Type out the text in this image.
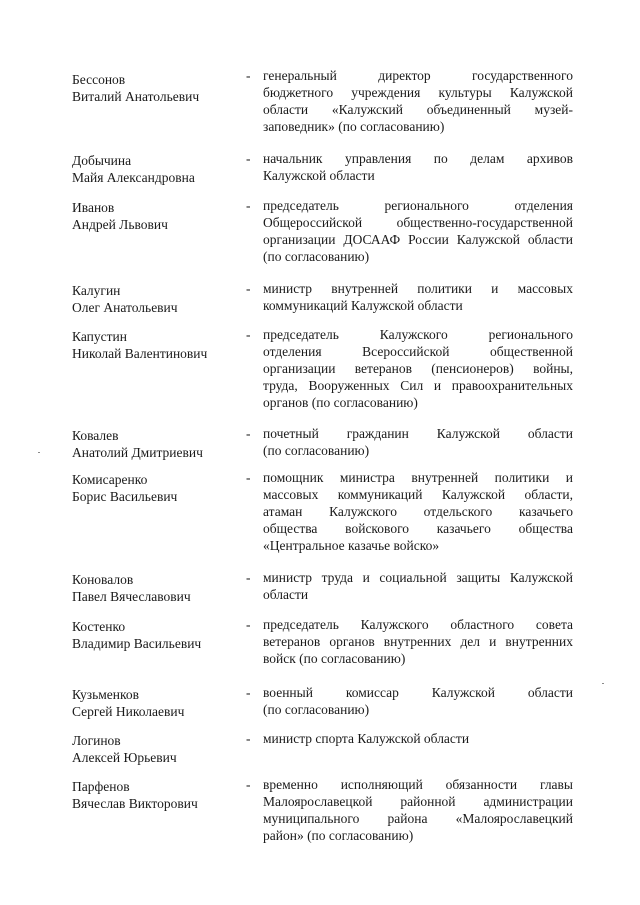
Бессонов
Виталий Анатольевич
- генеральный директор государственного
бюджетного учреждения культуры Калужской
области «Калужский объединенный музей-
заповедник» (по согласованию)
Добычина
Майя Александровна
- начальник управления по делам архивов
Калужской области
Иванов
Андрей Львович
- председатель регионального отделения
Общероссийской общественно-государственной
организации ДОСААФ России Калужской области
(по согласованию)
Калугин
Олег Анатольевич
- министр внутренней политики и массовых
коммуникаций Калужской области
Капустин
Николай Валентинович
- председатель Калужского регионального
отделения Всероссийской общественной
организации ветеранов (пенсионеров) войны,
труда, Вооруженных Сил и правоохранительных
органов (по согласованию)
Ковалев
Анатолий Дмитриевич
- почетный гражданин Калужской области
(по согласованию)
Комисаренко
Борис Васильевич
- помощник министра внутренней политики и
массовых коммуникаций Калужской области,
атаман Калужского отдельского казачьего
общества войскового казачьего общества
«Центральное казачье войско»
Коновалов
Павел Вячеславович
- министр труда и социальной защиты Калужской
области
Костенко
Владимир Васильевич
- председатель Калужского областного совета
ветеранов органов внутренних дел и внутренних
войск (по согласованию)
Кузьменков
Сергей Николаевич
- военный комиссар Калужской области
(по согласованию)
Логинов
Алексей Юрьевич
- министр спорта Калужской области
Парфенов
Вячеслав Викторович
- временно исполняющий обязанности главы
Малоярославецкой районной администрации
муниципального района «Малоярославецкий
район» (по согласованию)
